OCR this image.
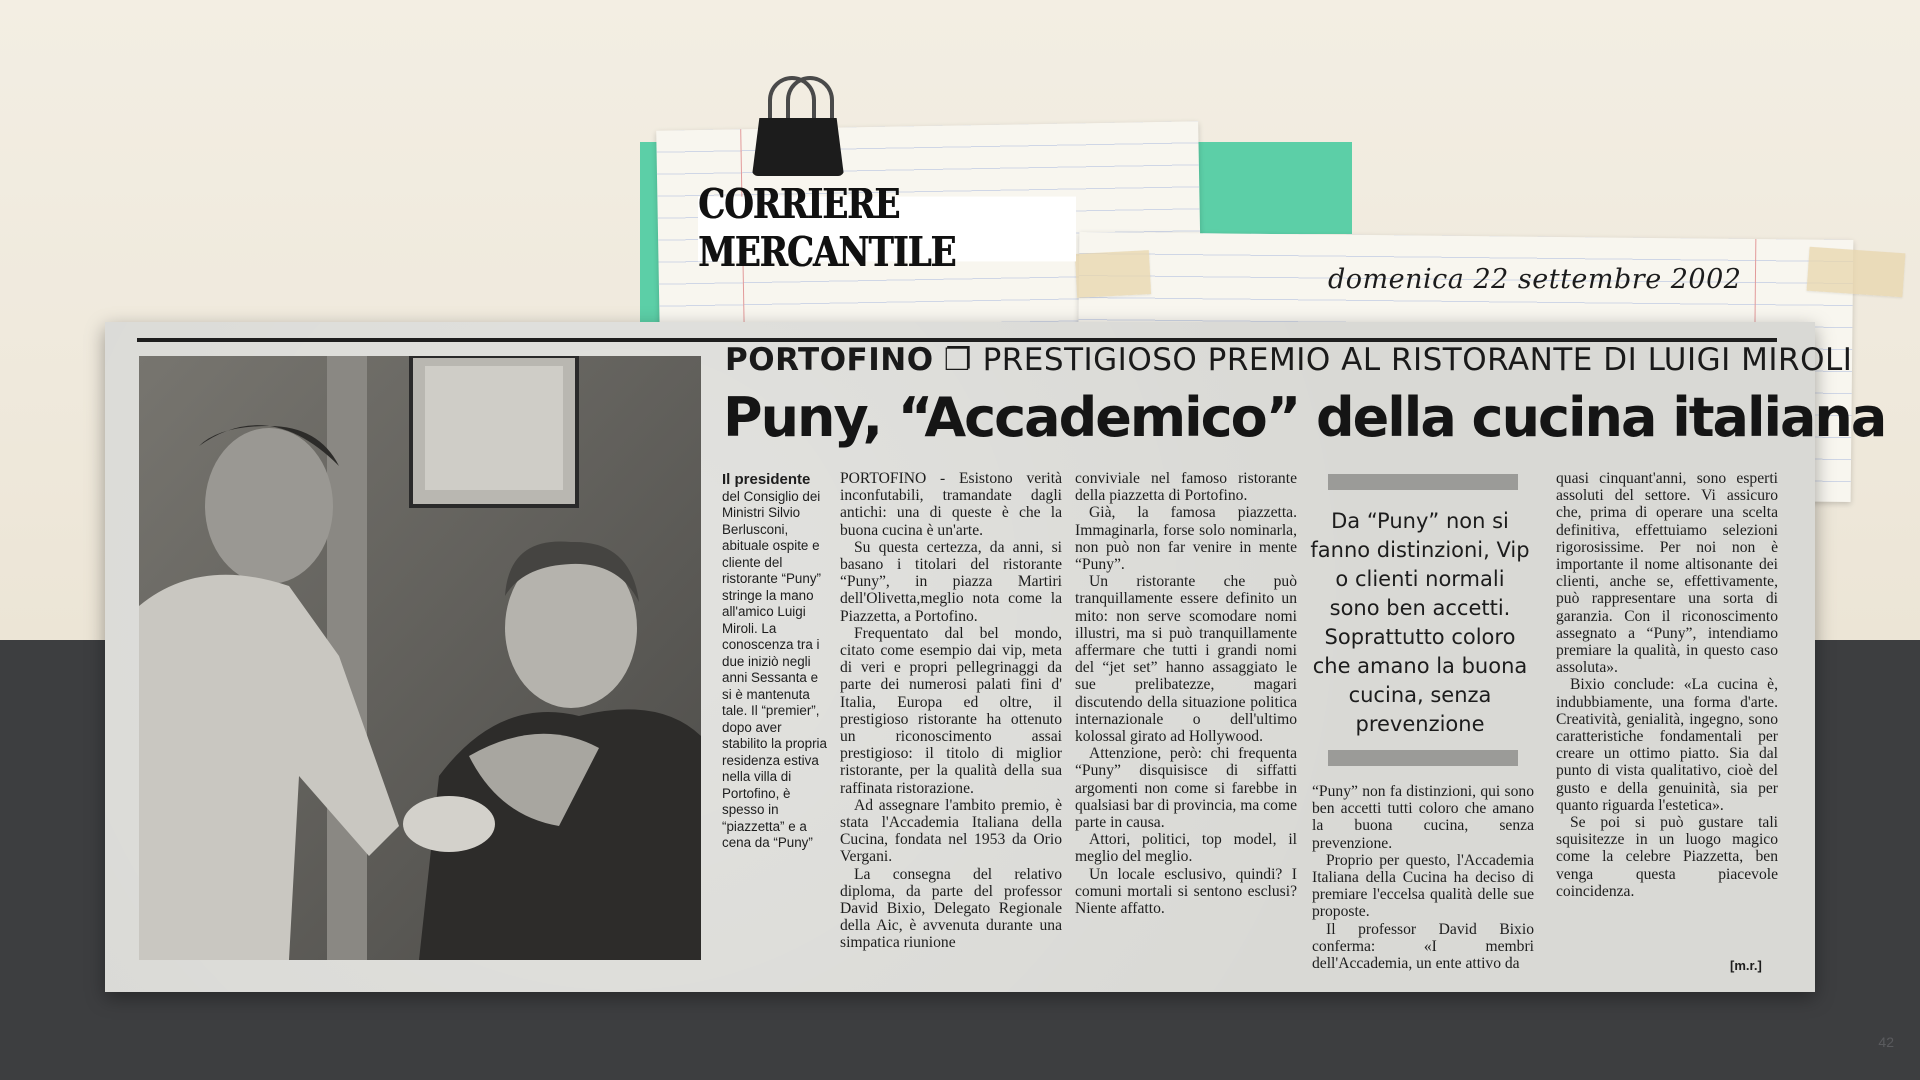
CORRIERE MERCANTILE
domenica 22 settembre 2002
PORTOFINO ❐ PRESTIGIOSO PREMIO AL RISTORANTE DI LUIGI MIROLI
Puny, “Accademico” della cucina italiana
Il presidente del Consiglio dei Ministri Silvio Berlusconi, abituale ospite e cliente del ristorante “Puny” stringe la mano all'amico Luigi Miroli. La conoscenza tra i due iniziò negli anni Sessanta e si è mantenuta tale. Il “premier”, dopo aver stabilito la propria residenza estiva nella villa di Portofino, è spesso in “piazzetta” e a cena da “Puny”

PORTOFINO - Esistono verità inconfutabili, tramandate dagli antichi: una di queste è che la buona cucina è un'arte.

Su questa certezza, da anni, si basano i titolari del ristorante “Puny”, in piazza Martiri dell'Olivetta,meglio nota come la Piazzetta, a Portofino.

Frequentato dal bel mondo, citato come esempio dai vip, meta di veri e propri pellegrinaggi da parte dei numerosi palati fini d' Italia, Europa ed oltre, il prestigioso ristorante ha ottenuto un riconoscimento assai prestigioso: il titolo di miglior ristorante, per la qualità della sua raffinata ristorazione.

Ad assegnare l'ambito premio, è stata l'Accademia Italiana della Cucina, fondata nel 1953 da Orio Vergani.

La consegna del relativo diploma, da parte del professor David Bixio, Delegato Regionale della Aic, è avvenuta durante una simpatica riunione

conviviale nel famoso ristorante della piazzetta di Portofino.

Già, la famosa piazzetta. Immaginarla, forse solo nominarla, non può non far venire in mente “Puny”.

Un ristorante che può tranquillamente essere definito un mito: non serve scomodare nomi illustri, ma si può tranquillamente affermare che tutti i grandi nomi del “jet set” hanno assaggiato le sue prelibatezze, magari discutendo della situazione politica internazionale o dell'ultimo kolossal girato ad Hollywood.

Attenzione, però: chi frequenta “Puny” disquisisce di siffatti argomenti non come si farebbe in qualsiasi bar di provincia, ma come parte in causa.

Attori, politici, top model, il meglio del meglio.

Un locale esclusivo, quindi? I comuni mortali si sentono esclusi? Niente affatto.

Da “Puny” non si fanno distinzioni, Vip o clienti normali sono ben accetti. Soprattutto coloro che amano la buona cucina, senza prevenzione

“Puny” non fa distinzioni, qui sono ben accetti tutti coloro che amano la buona cucina, senza prevenzione.

Proprio per questo, l'Accademia Italiana della Cucina ha deciso di premiare l'eccelsa qualità delle sue proposte.

Il professor David Bixio conferma: «I membri dell'Accademia, un ente attivo da

quasi cinquant'anni, sono esperti assoluti del settore. Vi assicuro che, prima di operare una scelta definitiva, effettuiamo selezioni rigorosissime. Per noi non è importante il nome altisonante dei clienti, anche se, effettivamente, può rappresentare una sorta di garanzia. Con il riconoscimento assegnato a “Puny”, intendiamo premiare la qualità, in questo caso assoluta».

Bixio conclude: «La cucina è, indubbiamente, una forma d'arte. Creatività, genialità, ingegno, sono caratteristiche fondamentali per creare un ottimo piatto. Sia dal punto di vista qualitativo, cioè del gusto e della genuinità, sia per quanto riguarda l'estetica».

Se poi si può gustare tali squisitezze in un luogo magico come la celebre Piazzetta, ben venga questa piacevole coincidenza.

[m.r.]
42
